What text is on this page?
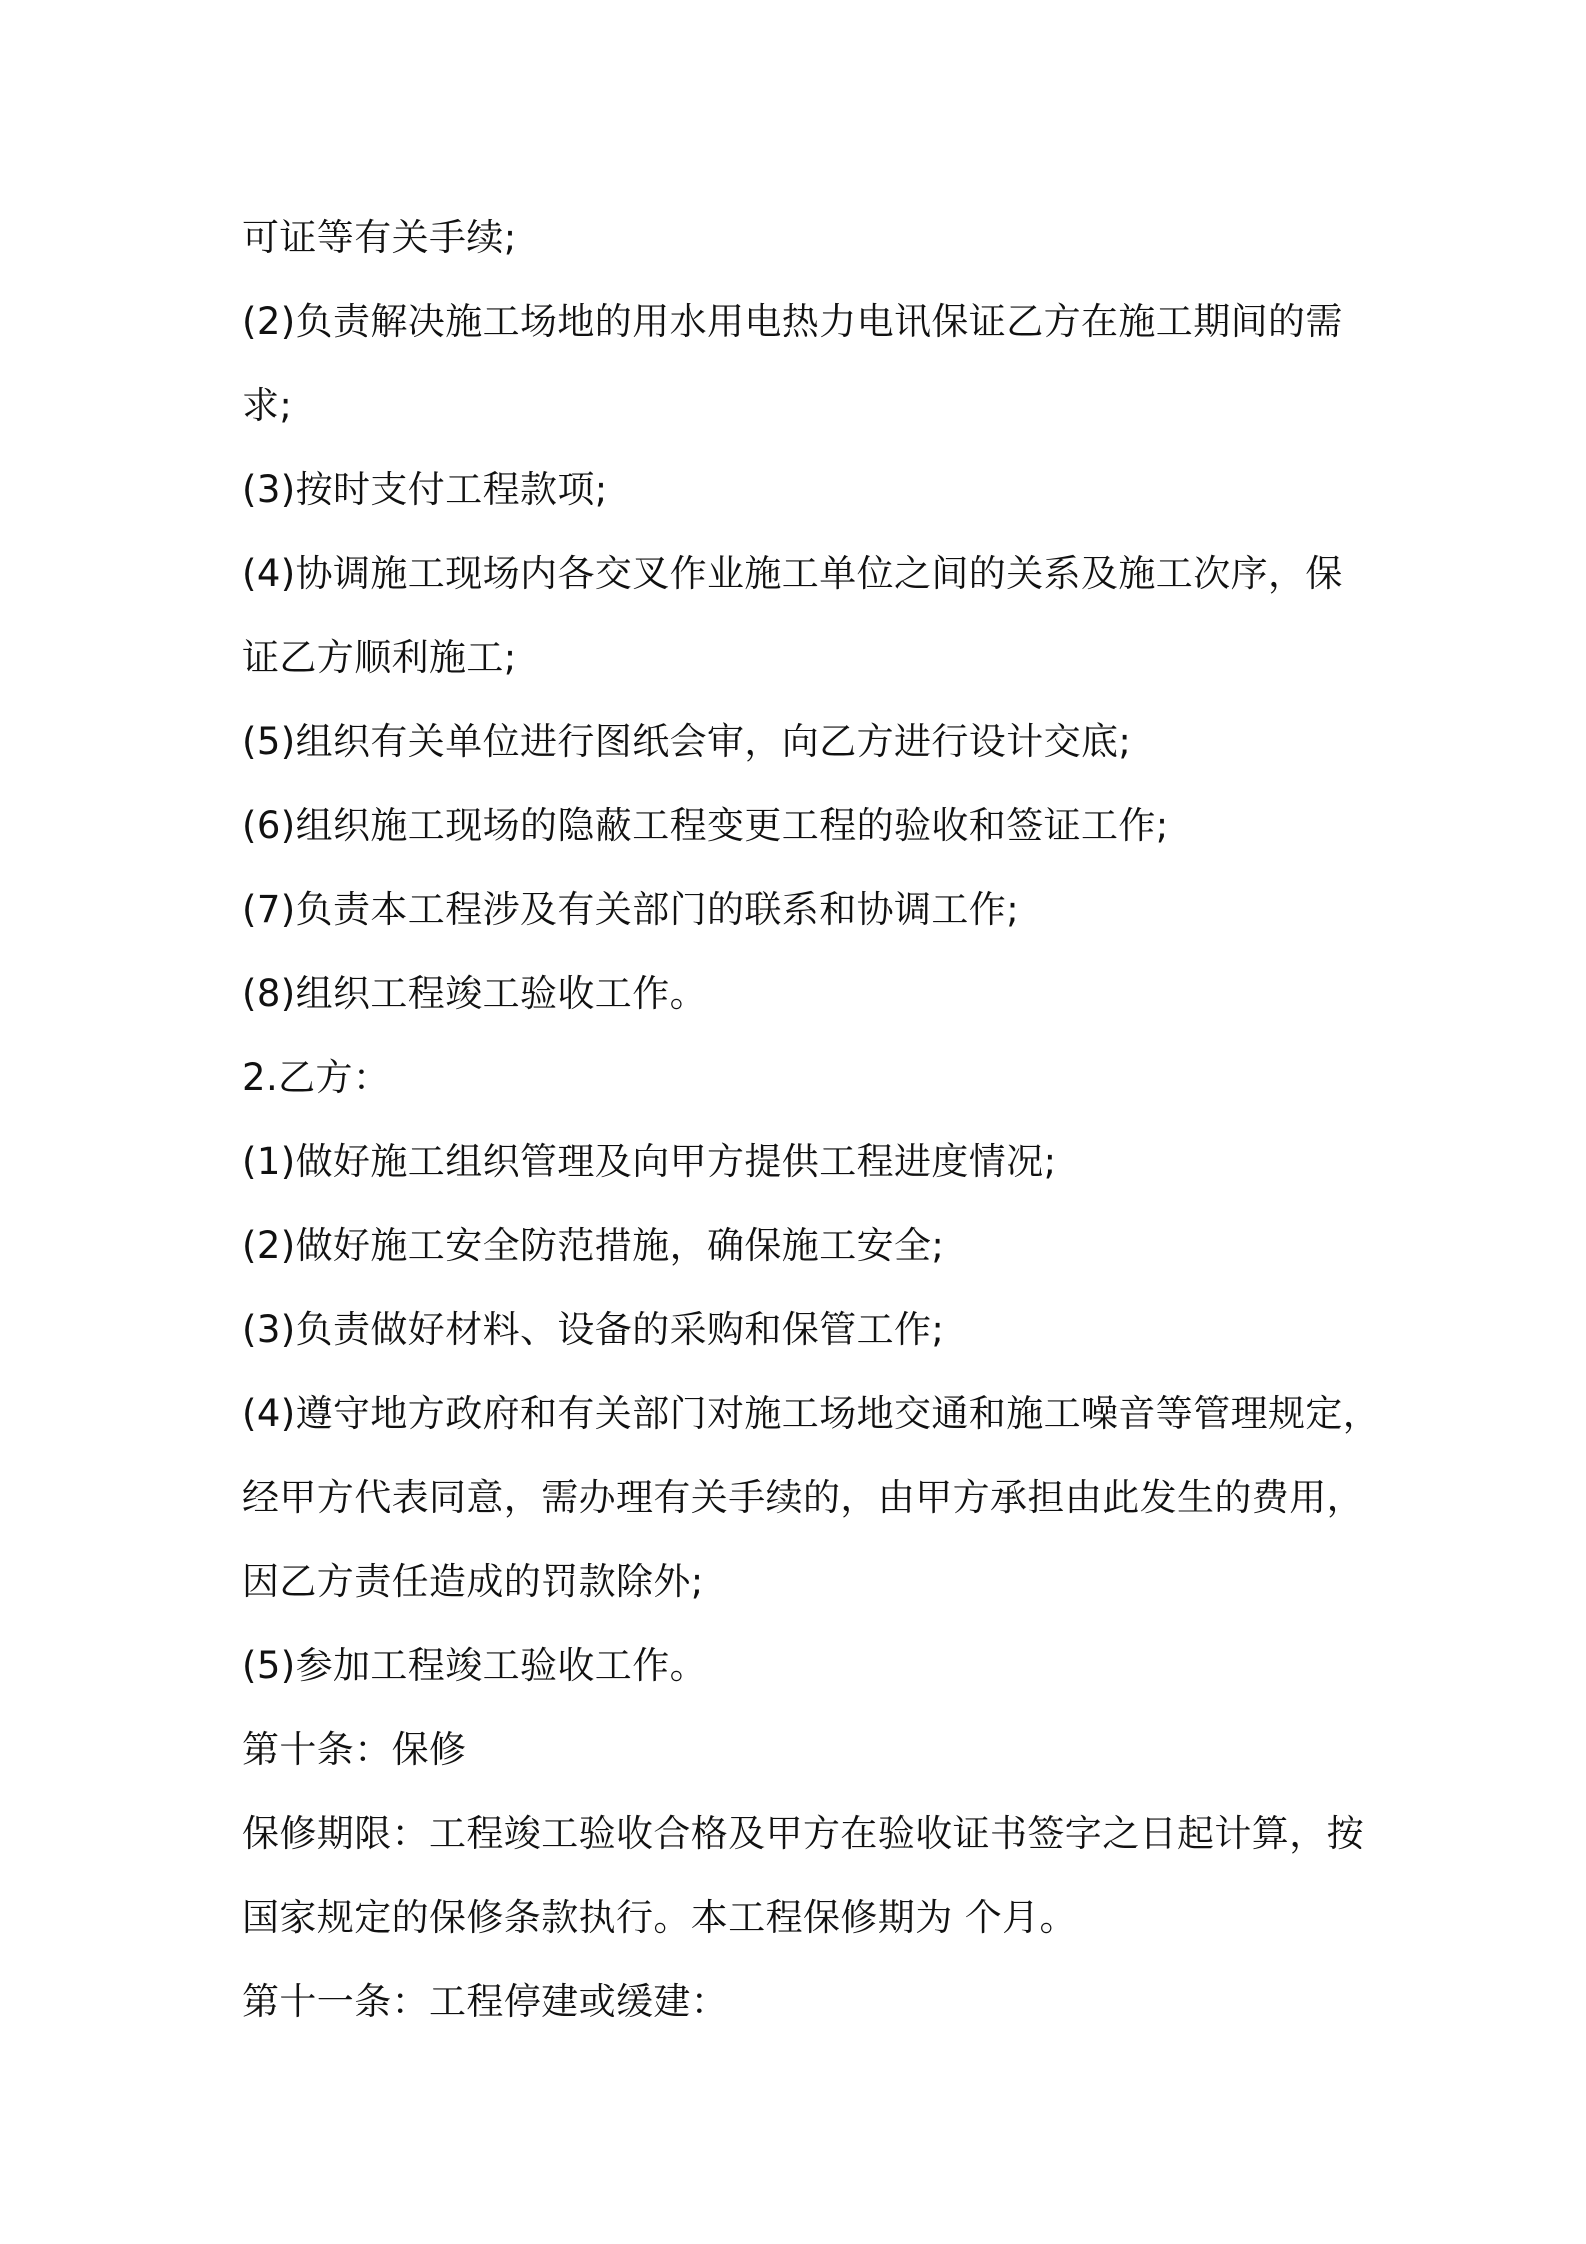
可证等有关手续;
(2)负责解决施工场地的用水用电热力电讯保证乙方在施工期间的需
求;
(3)按时支付工程款项;
(4)协调施工现场内各交叉作业施工单位之间的关系及施工次序，保
证乙方顺利施工;
(5)组织有关单位进行图纸会审，向乙方进行设计交底;
(6)组织施工现场的隐蔽工程变更工程的验收和签证工作;
(7)负责本工程涉及有关部门的联系和协调工作;
(8)组织工程竣工验收工作。
2.乙方：
(1)做好施工组织管理及向甲方提供工程进度情况;
(2)做好施工安全防范措施，确保施工安全;
(3)负责做好材料、设备的采购和保管工作;
(4)遵守地方政府和有关部门对施工场地交通和施工噪音等管理规定，
经甲方代表同意，需办理有关手续的，由甲方承担由此发生的费用，
因乙方责任造成的罚款除外;
(5)参加工程竣工验收工作。
第十条：保修
保修期限：工程竣工验收合格及甲方在验收证书签字之日起计算，按
国家规定的保修条款执行。本工程保修期为 个月。
第十一条：工程停建或缓建：
